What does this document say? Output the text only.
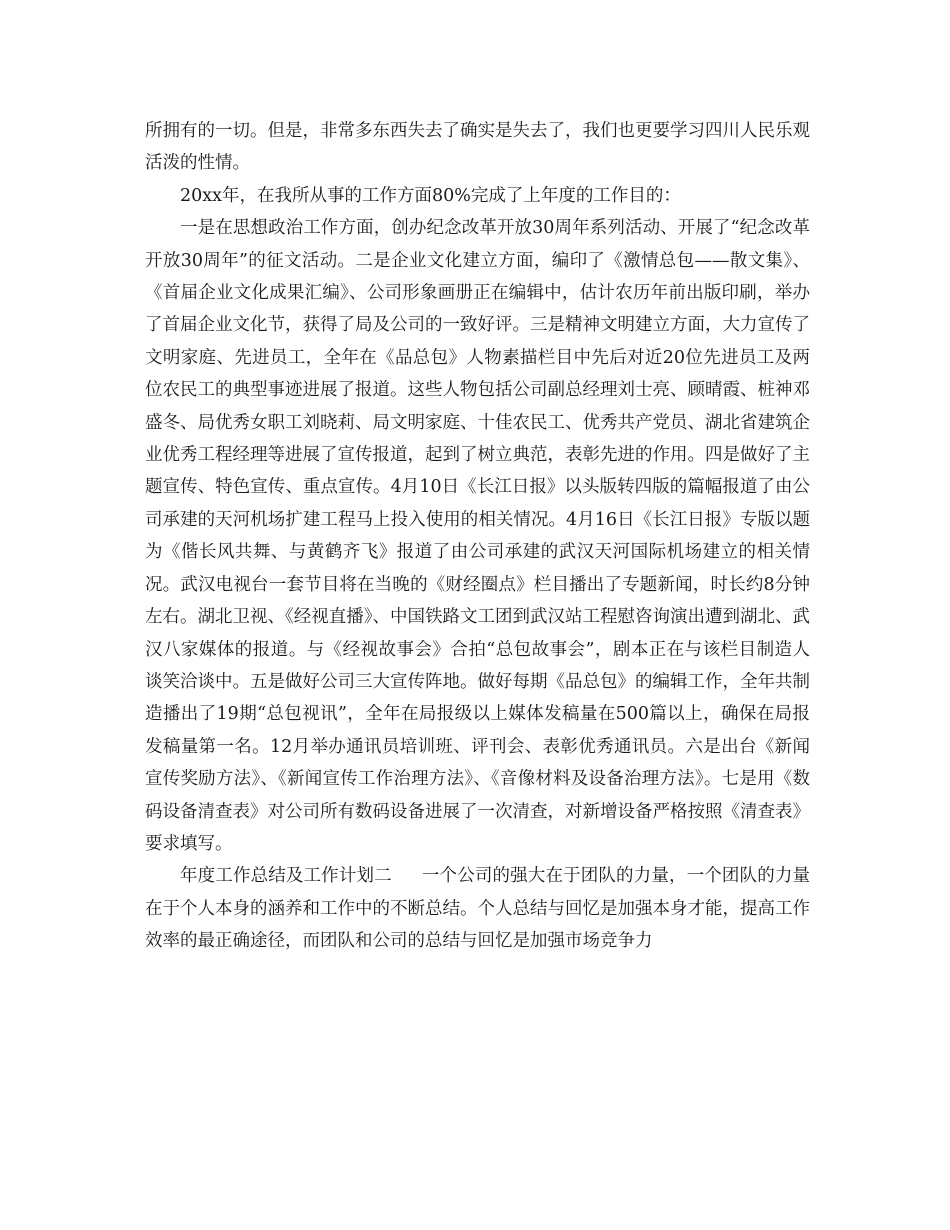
所拥有的一切。但是，非常多东西失去了确实是失去了，我们也更要学习四川人民乐观活泼的性情。

20xx年，在我所从事的工作方面80%完成了上年度的工作目的：

一是在思想政治工作方面，创办纪念改革开放30周年系列活动、开展了“纪念改革开放30周年”的征文活动。二是企业文化建立方面，编印了《激情总包——散文集》、《首届企业文化成果汇编》、公司形象画册正在编辑中，估计农历年前出版印刷，举办了首届企业文化节，获得了局及公司的一致好评。三是精神文明建立方面，大力宣传了文明家庭、先进员工，全年在《品总包》人物素描栏目中先后对近20位先进员工及两位农民工的典型事迹进展了报道。这些人物包括公司副总经理刘士亮、顾晴霞、桩神邓盛冬、局优秀女职工刘晓莉、局文明家庭、十佳农民工、优秀共产党员、湖北省建筑企业优秀工程经理等进展了宣传报道，起到了树立典范，表彰先进的作用。四是做好了主题宣传、特色宣传、重点宣传。4月10日《长江日报》以头版转四版的篇幅报道了由公司承建的天河机场扩建工程马上投入使用的相关情况。4月16日《长江日报》专版以题为《偕长风共舞、与黄鹤齐飞》报道了由公司承建的武汉天河国际机场建立的相关情况。武汉电视台一套节目将在当晚的《财经圈点》栏目播出了专题新闻，时长约8分钟左右。湖北卫视、《经视直播》、中国铁路文工团到武汉站工程慰咨询演出遭到湖北、武汉八家媒体的报道。与《经视故事会》合拍“总包故事会”，剧本正在与该栏目制造人谈笑洽谈中。五是做好公司三大宣传阵地。做好每期《品总包》的编辑工作，全年共制造播出了19期“总包视讯”，全年在局报级以上媒体发稿量在500篇以上，确保在局报发稿量第一名。12月举办通讯员培训班、评刊会、表彰优秀通讯员。六是出台《新闻宣传奖励方法》、《新闻宣传工作治理方法》、《音像材料及设备治理方法》。七是用《数码设备清查表》对公司所有数码设备进展了一次清查，对新增设备严格按照《清查表》要求填写。

年度工作总结及工作计划二 一个公司的强大在于团队的力量，一个团队的力量在于个人本身的涵养和工作中的不断总结。个人总结与回忆是加强本身才能，提高工作效率的最正确途径，而团队和公司的总结与回忆是加强市场竞争力
